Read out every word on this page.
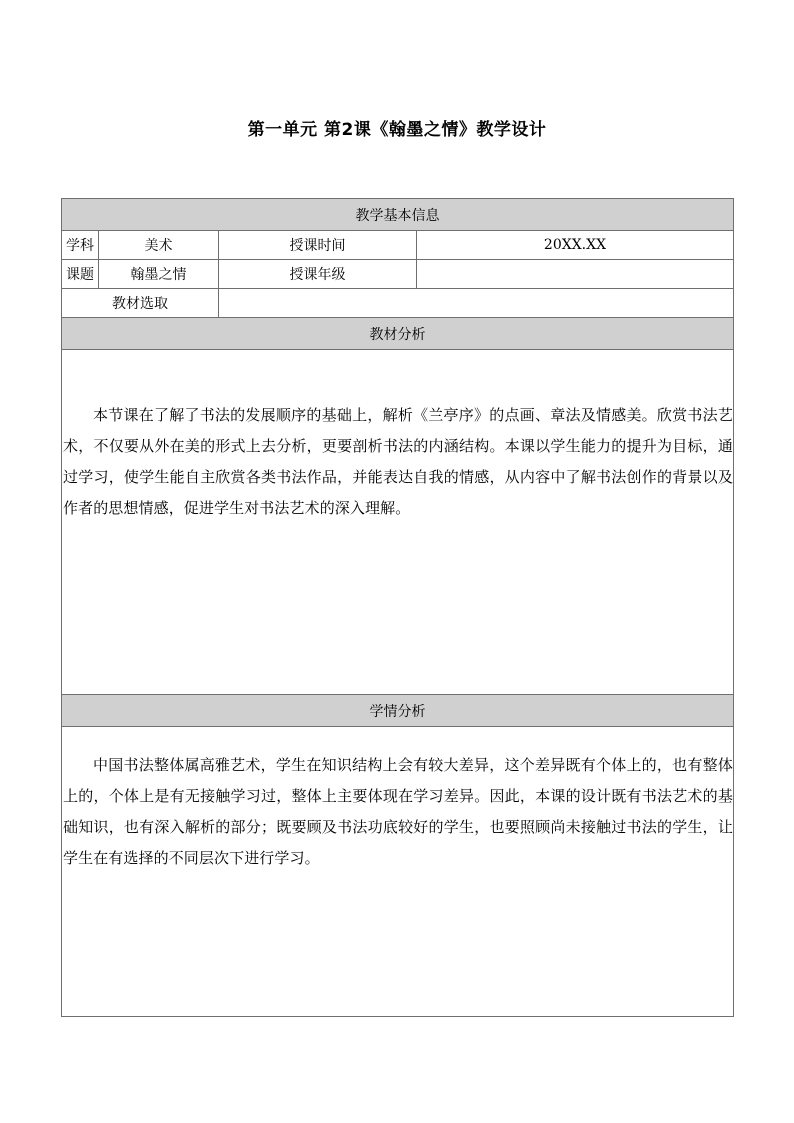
第一单元 第2课《翰墨之情》教学设计
教学基本信息			
学科	美术	授课时间	20XX.XX
课题	翰墨之情	授课年级	
教材选取			
教材分析			

本节课在了解了书法的发展顺序的基础上，解析《兰亭序》的点画、章法及情感美。欣赏书法艺术，不仅要从外在美的形式上去分析，更要剖析书法的内涵结构。本课以学生能力的提升为目标，通过学习，使学生能自主欣赏各类书法作品，并能表达自我的情感，从内容中了解书法创作的背景以及作者的思想情感，促进学生对书法艺术的深入理解。			

学情分析			

中国书法整体属高雅艺术，学生在知识结构上会有较大差异，这个差异既有个体上的，也有整体上的，个体上是有无接触学习过，整体上主要体现在学习差异。因此，本课的设计既有书法艺术的基础知识，也有深入解析的部分；既要顾及书法功底较好的学生，也要照顾尚未接触过书法的学生，让学生在有选择的不同层次下进行学习。			
